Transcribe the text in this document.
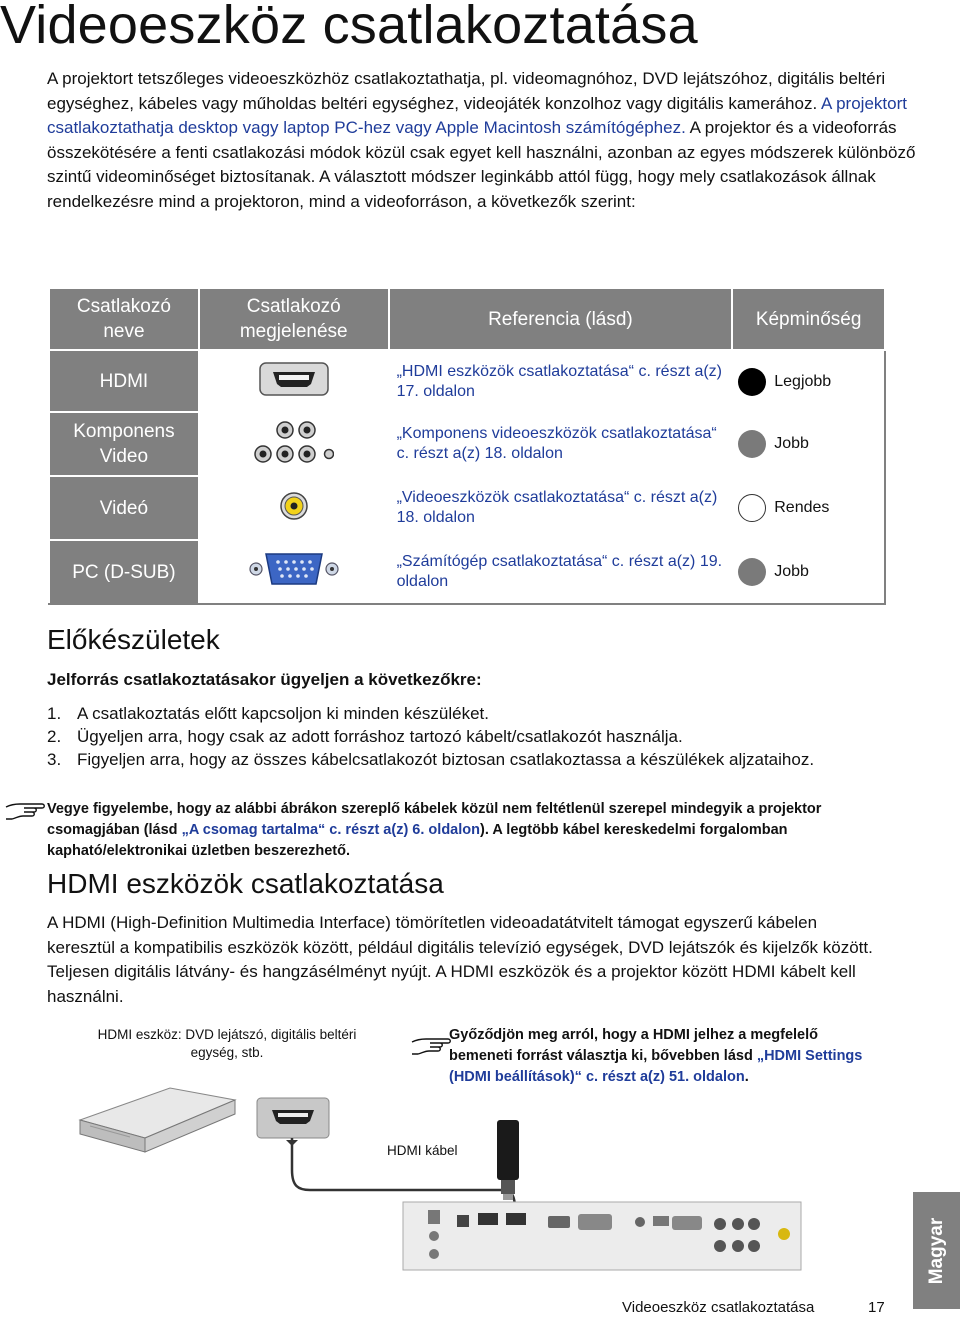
Videoeszköz csatlakoztatása
A projektort tetszőleges videoeszközhöz csatlakoztathatja, pl. videomagnóhoz, DVD lejátszóhoz, digitális beltéri egységhez, kábeles vagy műholdas beltéri egységhez, videojáték konzolhoz vagy digitális kamerához. A projektort csatlakoztathatja desktop vagy laptop PC-hez vagy Apple Macintosh számítógéphez. A projektor és a videoforrás összekötésére a fenti csatlakozási módok közül csak egyet kell használni, azonban az egyes módszerek különböző szintű videominőséget biztosítanak. A választott módszer leginkább attól függ, hogy mely csatlakozások állnak rendelkezésre mind a projektoron, mind a videoforráson, a következők szerint:
Csatlakozó neve	Csatlakozó megjelenése	Referencia (lásd)	Képminőség
HDMI		„HDMI eszközök csatlakoztatása“ c. részt a(z) 17. oldalon	Legjobb

Komponens Video		„Komponens videoeszközök csatlakoztatása“ c. részt a(z) 18. oldalon	Jobb

Videó		„Videoeszközök csatlakoztatása“ c. részt a(z) 18. oldalon	Rendes

PC (D-SUB)		„Számítógép csatlakoztatása“ c. részt a(z) 19. oldalon	Jobb
Előkészületek
Jelforrás csatlakoztatásakor ügyeljen a következőkre:
1. A csatlakoztatás előtt kapcsoljon ki minden készüléket.
2. Ügyeljen arra, hogy csak az adott forráshoz tartozó kábelt/csatlakozót használja.
3. Figyeljen arra, hogy az összes kábelcsatlakozót biztosan csatlakoztassa a készülékek aljzataihoz.
Vegye figyelembe, hogy az alábbi ábrákon szereplő kábelek közül nem feltétlenül szerepel mindegyik a projektor csomagjában (lásd „A csomag tartalma“ c. részt a(z) 6. oldalon). A legtöbb kábel kereskedelmi forgalomban kapható/elektronikai üzletben beszerezhető.
HDMI eszközök csatlakoztatása
A HDMI (High-Definition Multimedia Interface) tömörítetlen videoadatátvitelt támogat egyszerű kábelen keresztül a kompatibilis eszközök között, például digitális televízió egységek, DVD lejátszók és kijelzők között. Teljesen digitális látvány- és hangzásélményt nyújt. A HDMI eszközök és a projektor között HDMI kábelt kell használni.
HDMI eszköz: DVD lejátszó, digitális beltéri egység, stb.
Győződjön meg arról, hogy a HDMI jelhez a megfelelő bemeneti forrást választja ki, bővebben lásd „HDMI Settings (HDMI beállítások)“ c. részt a(z) 51. oldalon.
HDMI kábel
Videoeszköz csatlakoztatása	17
Magyar
